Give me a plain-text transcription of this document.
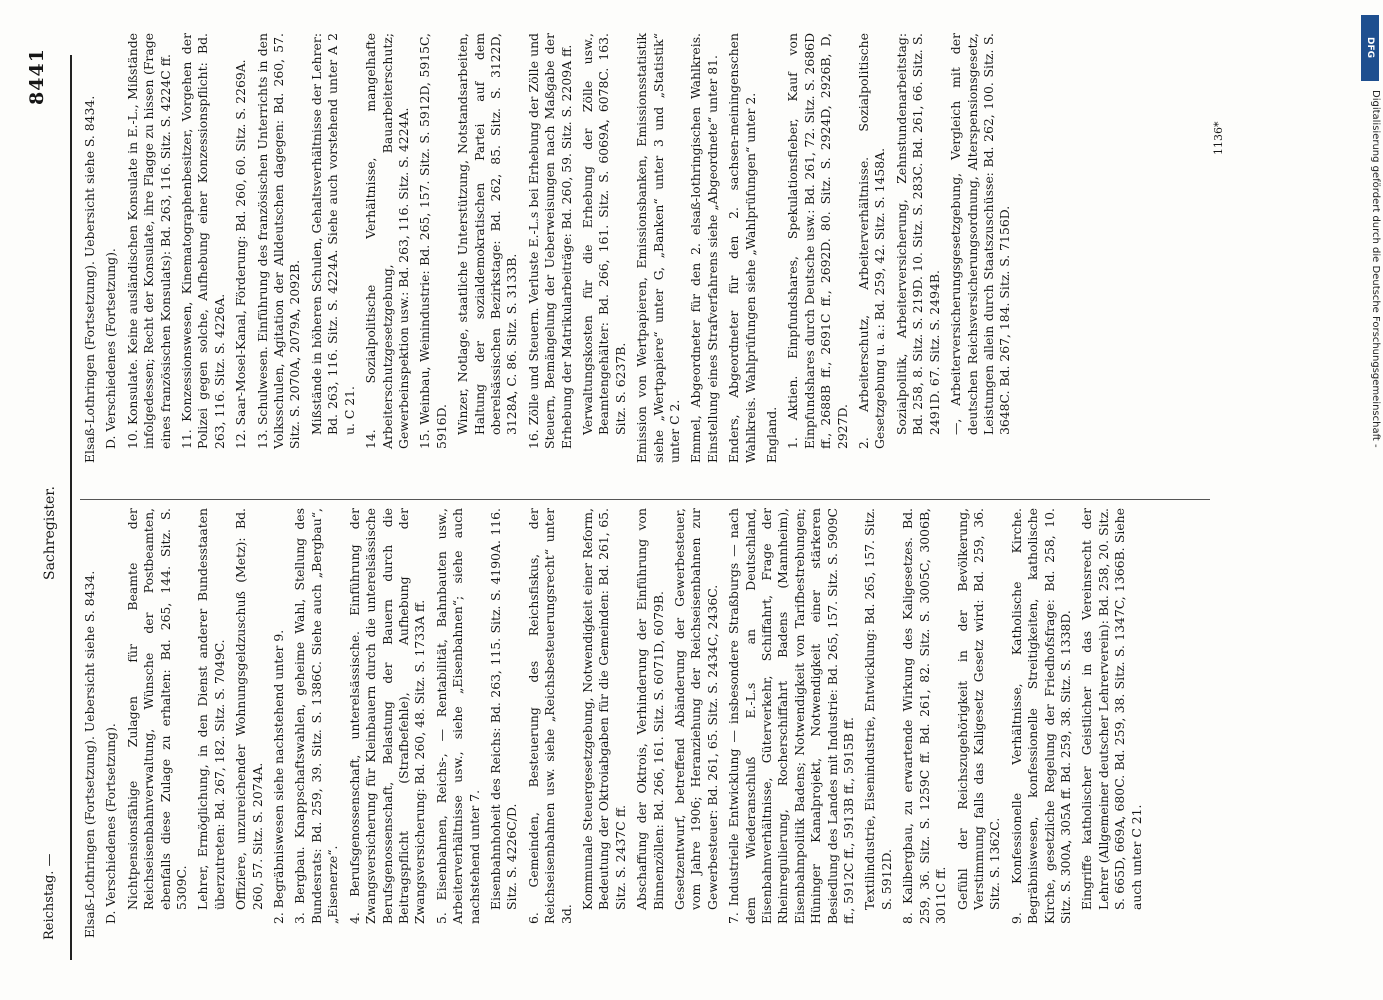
Reichstag. —
Sachregister.
8441

Elsaß-Lothringen (Fortsetzung). Uebersicht siehe S. 8434. D. Verschiedenes (Fortsetzung). Nichtpensionsfähige Zulagen für Beamte der Reichseisenbahnverwaltung, Wünsche der Postbeamten, ebenfalls diese Zulage zu erhalten: Bd. 265, 144. Sitz. S. 5309C. Lehrer, Ermöglichung, in den Dienst anderer Bundesstaaten überzutreten: Bd. 267, 182. Sitz. S. 7049C. Offiziere, unzureichender Wohnungsgeldzuschuß (Metz): Bd. 260, 57. Sitz. S. 2074A. 2. Begräbniswesen siehe nachstehend unter 9. 3. Bergbau. Knappschaftswahlen, geheime Wahl, Stellung des Bundesrats: Bd. 259, 39. Sitz. S. 1386C. Siehe auch „Bergbau“, „Eisenerze“. 4. Berufsgenossenschaft, unterelsässische. Einführung der Zwangsversicherung für Kleinbauern durch die unterelsässische Berufsgenossenschaft, Belastung der Bauern durch die Beitragspflicht (Strafbefehle), Aufhebung der Zwangsversicherung: Bd. 260, 48. Sitz. S. 1733A ff. 5. Eisenbahnen, Reichs-, — Rentabilität, Bahnbauten usw., Arbeiterverhältnisse usw., siehe „Eisenbahnen“; siehe auch nachstehend unter 7. Eisenbahnhoheit des Reichs: Bd. 263, 115. Sitz. S. 4190A. 116. Sitz. S. 4226C/D. 6. Gemeinden, Besteuerung des Reichsfiskus, der Reichseisenbahnen usw. siehe „Reichsbesteuerungsrecht“ unter 3d.

Kommunale Steuergesetzgebung, Notwendigkeit einer Reform, Bedeutung der Oktroiabgaben für die Gemeinden: Bd. 261, 65. Sitz. S. 2437C ff. Abschaffung der Oktrois, Verhinderung der Einführung von Binnenzöllen: Bd. 266, 161. Sitz. S. 6071D, 6079B. Gesetzentwurf, betreffend Abänderung der Gewerbesteuer, vom Jahre 1906; Heranziehung der Reichseisenbahnen zur Gewerbesteuer: Bd. 261, 65. Sitz. S. 2434C, 2436C. 7. Industrielle Entwicklung — insbesondere Straßburgs — nach dem Wiederanschluß E.-L.s an Deutschland, Eisenbahnverhältnisse, Güterverkehr, Schiffahrt, Frage der Rheinregulierung, Rocherschiffahrt Badens (Mannheim), Eisenbahnpolitik Badens; Notwendigkeit von Tarifbestrebungen; Hüninger Kanalprojekt, Notwendigkeit einer stärkeren Besiedlung des Landes mit Industrie: Bd. 265, 157. Sitz. S. 5909C ff., 5912C ff., 5913B ff., 5915B ff. Textilindustrie, Eisenindustrie, Entwicklung: Bd. 265, 157. Sitz. S. 5912D. 8. Kalibergbau, zu erwartende Wirkung des Kaligesetzes. Bd. 259, 36. Sitz. S. 1259C ff. Bd. 261, 82. Sitz. S. 3005C, 3006B, 3011C ff. Gefühl der Reichszugehörigkeit in der Bevölkerung, Verstimmung falls das Kaligesetz Gesetz wird: Bd. 259, 36. Sitz. S. 1362C. 9. Konfessionelle Verhältnisse, Katholische Kirche. Begräbniswesen, konfessionelle Streitigkeiten, katholische Kirche, gesetzliche Regelung der Friedhofsfrage: Bd. 258, 10. Sitz. S. 300A, 305A ff. Bd. 259, 38. Sitz. S. 1338D. Eingriffe katholischer Geistlicher in das Vereinsrecht der Lehrer (Allgemeiner deutscher Lehrerverein): Bd. 258, 20. Sitz. S. 665D, 669A, 680C. Bd. 259, 38. Sitz. S. 1347C, 1366B. Siehe auch unter C 21.

Elsaß-Lothringen (Fortsetzung). Uebersicht siehe S. 8434. D. Verschiedenes (Fortsetzung). 10. Konsulate. Keine ausländischen Konsulate in E.-L., Mißstände infolgedessen; Recht der Konsulate, ihre Flagge zu hissen (Frage eines französischen Konsulats): Bd. 263, 116. Sitz. S. 4224C ff. 11. Konzessionswesen, Kinematographenbesitzer, Vorgehen der Polizei gegen solche, Aufhebung einer Konzessionspflicht: Bd. 263, 116. Sitz. S. 4226A. 12. Saar-Mosel-Kanal, Förderung: Bd. 260, 60. Sitz. S. 2269A. 13. Schulwesen. Einführung des französischen Unterrichts in den Volksschulen, Agitation der Alldeutschen dagegen: Bd. 260, 57. Sitz. S. 2070A, 2079A, 2092B. Mißstände in höheren Schulen, Gehaltsverhältnisse der Lehrer: Bd. 263, 116. Sitz. S. 4224A. Siehe auch vorstehend unter A 2 u. C 21. 14. Sozialpolitische Verhältnisse, mangelhafte Arbeiterschutzgesetzgebung, Bauarbeiterschutz; Gewerbeinspektion usw.: Bd. 263, 116. Sitz. S. 4224A. 15. Weinbau, Weinindustrie: Bd. 265, 157. Sitz. S. 5912D, 5915C, 5916D. Winzer, Notlage, staatliche Unterstützung, Notstandsarbeiten, Haltung der sozialdemokratischen Partei auf dem oberelsässischen Bezirkstage: Bd. 262, 85. Sitz. S. 3122D, 3128A, C. 86. Sitz. S. 3133B. 16. Zölle und Steuern. Verluste E.-L.s bei Erhebung der Zölle und Steuern, Bemängelung der Ueberweisungen nach Maßgabe der Erhebung der Matrikularbeiträge: Bd. 260, 59. Sitz. S. 2209A ff. Verwaltungskosten für die Erhebung der Zölle usw., Beamtengehälter: Bd. 266, 161. Sitz. S. 6069A, 6078C. 163. Sitz. S. 6237B. Emission von Wertpapieren, Emissionsbanken, Emissionsstatistik siehe „Wertpapiere“ unter G, „Banken“ unter 3 und „Statistik“ unter C 2. Emmel, Abgeordneter für den 2. elsaß-lothringischen Wahlkreis. Einstellung eines Strafverfahrens siehe „Abgeordnete“ unter 81. Enders, Abgeordneter für den 2. sachsen-meiningenschen Wahlkreis. Wahlprüfungen siehe „Wahlprüfungen“ unter 2. England. 1. Aktien. Einpfundshares, Spekulationsfieber, Kauf von Einpfundshares durch Deutsche usw.: Bd. 261, 72. Sitz. S. 2686D ff., 2688B ff., 2691C ff., 2692D. 80. Sitz. S. 2924D, 2926B, D, 2927D. 2. Arbeiterschutz, Arbeiterverhältnisse. Sozialpolitische Gesetzgebung u. a.: Bd. 259, 42. Sitz. S. 1458A. Sozialpolitik, Arbeiterversicherung, Zehnstundenarbeitstag: Bd. 258, 8. Sitz. S. 219D. 10. Sitz. S. 283C. Bd. 261, 66. Sitz. S. 2491D. 67. Sitz. S. 2494B. —, Arbeiterversicherungsgesetzgebung, Vergleich mit der deutschen Reichsversicherungsordnung, Alterspensionsgesetz, Leistungen allein durch Staatszuschüsse: Bd. 262, 100. Sitz. S. 3648C. Bd. 267, 184. Sitz. S. 7156D.

1136*
DFG
Digitalisierung gefördert durch die Deutsche Forschungsgemeinschaft -
